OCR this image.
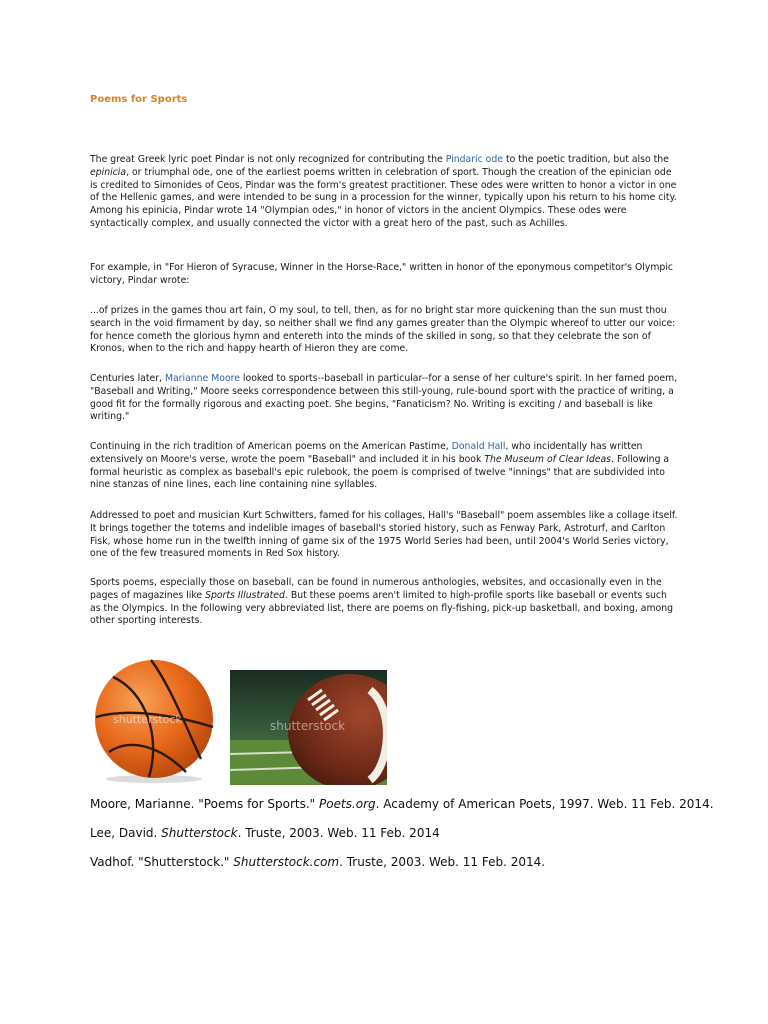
Poems for Sports

The great Greek lyric poet Pindar is not only recognized for contributing the Pindaric ode to the poetic tradition, but also the epinicia, or triumphal ode, one of the earliest poems written in celebration of sport. Though the creation of the epinician ode is credited to Simonides of Ceos, Pindar was the form's greatest practitioner. These odes were written to honor a victor in one of the Hellenic games, and were intended to be sung in a procession for the winner, typically upon his return to his home city. Among his epinicia, Pindar wrote 14 "Olympian odes," in honor of victors in the ancient Olympics. These odes were syntactically complex, and usually connected the victor with a great hero of the past, such as Achilles.

For example, in "For Hieron of Syracuse, Winner in the Horse-Race," written in honor of the eponymous competitor's Olympic victory, Pindar wrote:

...of prizes in the games thou art fain, O my soul, to tell, then, as for no bright star more quickening than the sun must thou search in the void firmament by day, so neither shall we find any games greater than the Olympic whereof to utter our voice: for hence cometh the glorious hymn and entereth into the minds of the skilled in song, so that they celebrate the son of Kronos, when to the rich and happy hearth of Hieron they are come.

Centuries later, Marianne Moore looked to sports--baseball in particular--for a sense of her culture's spirit. In her famed poem, "Baseball and Writing," Moore seeks correspondence between this still-young, rule-bound sport with the practice of writing, a good fit for the formally rigorous and exacting poet. She begins, "Fanaticism? No. Writing is exciting / and baseball is like writing."

Continuing in the rich tradition of American poems on the American Pastime, Donald Hall, who incidentally has written extensively on Moore's verse, wrote the poem "Baseball" and included it in his book The Museum of Clear Ideas. Following a formal heuristic as complex as baseball's epic rulebook, the poem is comprised of twelve "innings" that are subdivided into nine stanzas of nine lines, each line containing nine syllables.

Addressed to poet and musician Kurt Schwitters, famed for his collages, Hall's "Baseball" poem assembles like a collage itself. It brings together the totems and indelible images of baseball's storied history, such as Fenway Park, Astroturf, and Carlton Fisk, whose home run in the twelfth inning of game six of the 1975 World Series had been, until 2004's World Series victory, one of the few treasured moments in Red Sox history.

Sports poems, especially those on baseball, can be found in numerous anthologies, websites, and occasionally even in the pages of magazines like Sports Illustrated. But these poems aren't limited to high-profile sports like baseball or events such as the Olympics. In the following very abbreviated list, there are poems on fly-fishing, pick-up basketball, and boxing, among other sporting interests.

shutterstock	shutterstock
Moore, Marianne. "Poems for Sports." Poets.org. Academy of American Poets, 1997. Web. 11 Feb. 2014.
Lee, David. Shutterstock. Truste, 2003. Web. 11 Feb. 2014
Vadhof. "Shutterstock." Shutterstock.com. Truste, 2003. Web. 11 Feb. 2014.
